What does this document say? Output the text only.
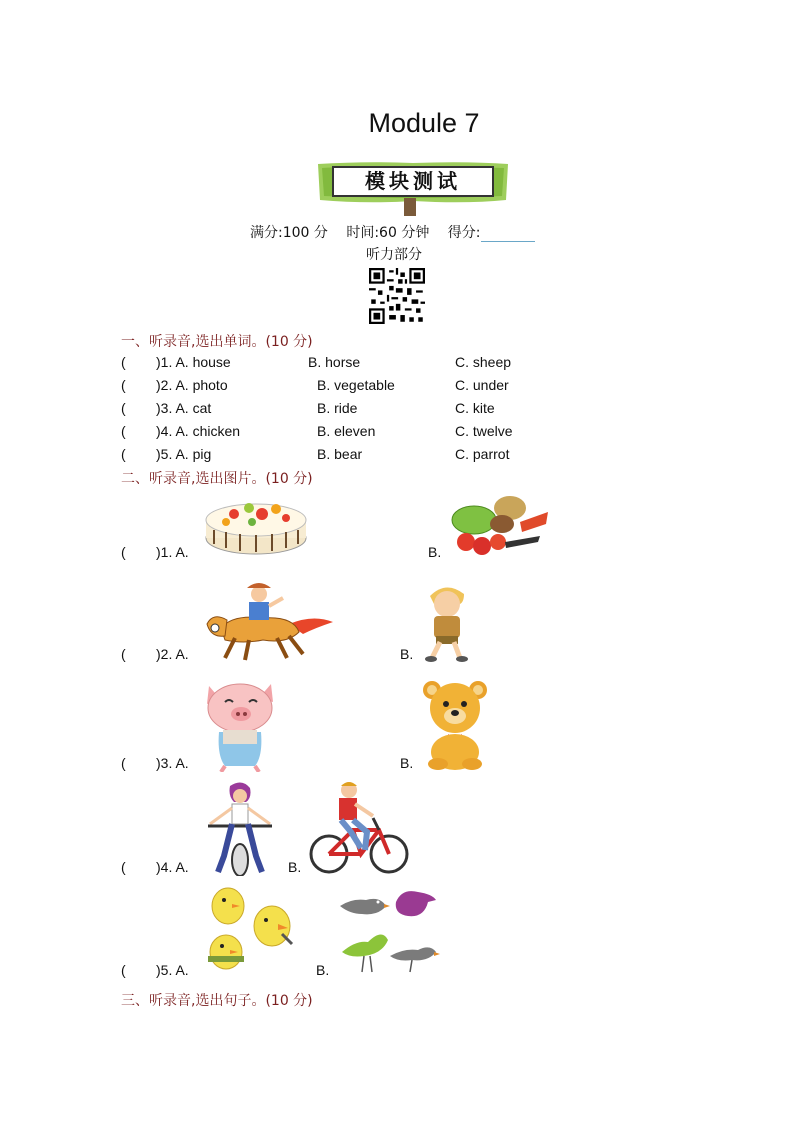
Module 7
模块测试
满分:100 分 时间:60 分钟 得分:
听力部分
一、听录音,选出单词。(10 分)
( )1. A. house	B. horse	C. sheep
( )2. A. photo	B. vegetable	C. under
( )3. A. cat	B. ride	C. kite
( )4. A. chicken	B. eleven	C. twelve
( )5. A. pig	B. bear	C. parrot
二、听录音,选出图片。(10 分)
( )1. A.	B.
( )2. A.	B.
( )3. A.	B.
( )4. A.	B.
( )5. A.	B.
三、听录音,选出句子。(10 分)
